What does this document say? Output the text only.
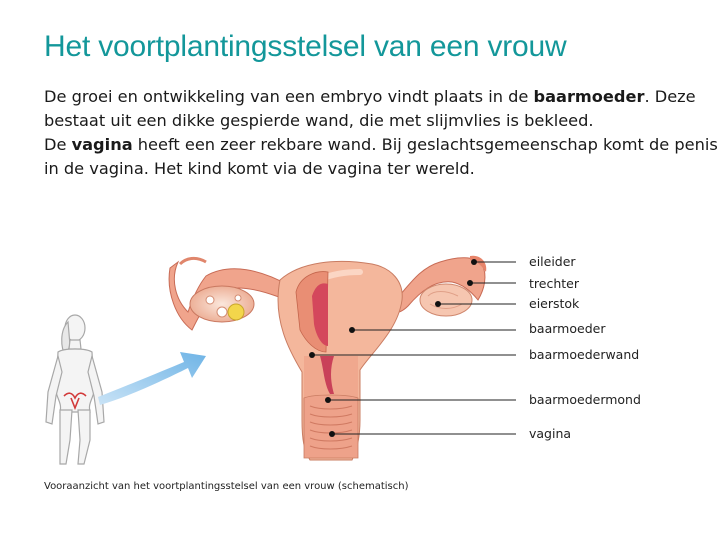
Het voortplantingsstelsel van een vrouw

De groei en ontwikkeling van een embryo vindt plaats in de baarmoeder. Deze bestaat uit een dikke gespierde wand, die met slijmvlies is bekleed.

De vagina heeft een zeer rekbare wand. Bij geslachtsgemeenschap komt de penis in de vagina. Het kind komt via de vagina ter wereld.

eileider
trechter
eierstok
baarmoeder
baarmoederwand
baarmoedermond
vagina
Vooraanzicht van het voortplantingsstelsel van een vrouw (schematisch)
